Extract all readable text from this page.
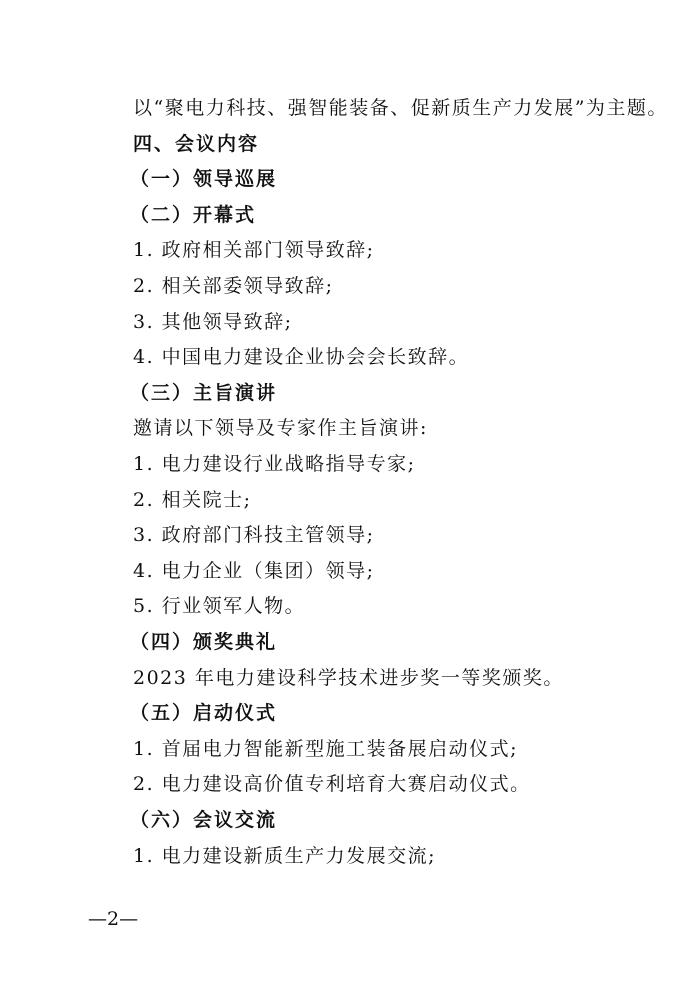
以“聚电力科技、强智能装备、促新质生产力发展”为主题。
四、会议内容
（一）领导巡展
（二）开幕式
1. 政府相关部门领导致辞;
2. 相关部委领导致辞;
3. 其他领导致辞;
4. 中国电力建设企业协会会长致辞。
（三）主旨演讲
邀请以下领导及专家作主旨演讲:
1. 电力建设行业战略指导专家;
2. 相关院士;
3. 政府部门科技主管领导;
4. 电力企业（集团）领导;
5. 行业领军人物。
（四）颁奖典礼
2023 年电力建设科学技术进步奖一等奖颁奖。
（五）启动仪式
1. 首届电力智能新型施工装备展启动仪式;
2. 电力建设高价值专利培育大赛启动仪式。
（六）会议交流
1. 电力建设新质生产力发展交流;
—2—
